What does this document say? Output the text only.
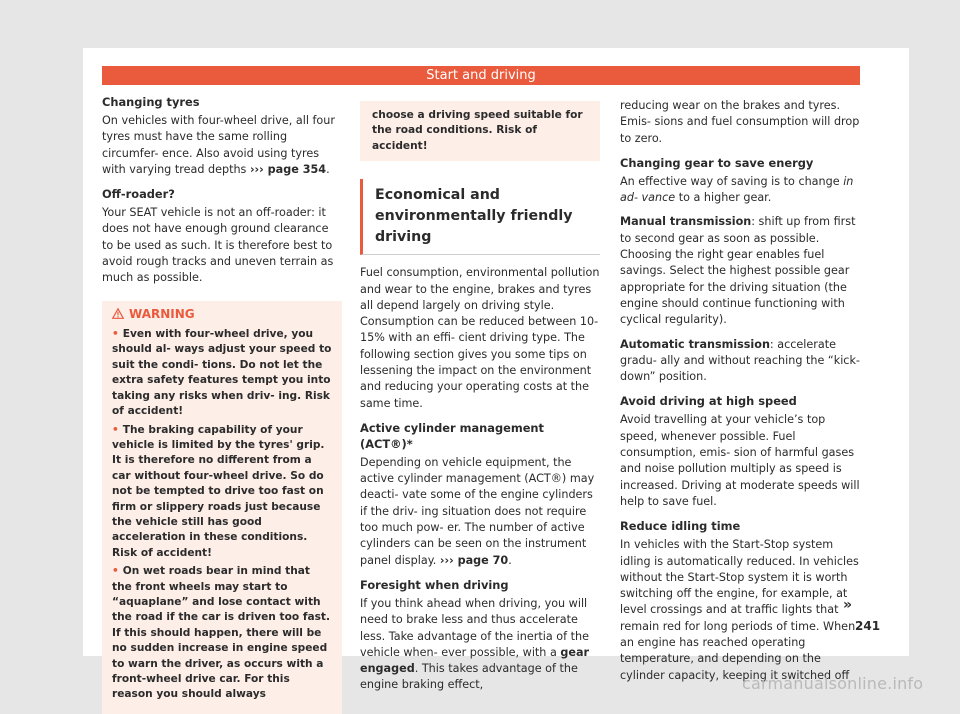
Start and driving
Changing tyres

On vehicles with four-wheel drive, all four tyres must have the same rolling circumfer- ence. Also avoid using tyres with varying tread depths ››› page 354.

Off-roader?

Your SEAT vehicle is not an off-roader: it does not have enough ground clearance to be used as such. It is therefore best to avoid rough tracks and uneven terrain as much as possible.

WARNING
• Even with four-wheel drive, you should al- ways adjust your speed to suit the condi- tions. Do not let the extra safety features tempt you into taking any risks when driv- ing. Risk of accident!
• The braking capability of your vehicle is limited by the tyres' grip. It is therefore no different from a car without four-wheel drive. So do not be tempted to drive too fast on firm or slippery roads just because the vehicle still has good acceleration in these conditions. Risk of accident!
• On wet roads bear in mind that the front wheels may start to “aquaplane” and lose contact with the road if the car is driven too fast. If this should happen, there will be no sudden increase in engine speed to warn the driver, as occurs with a front-wheel drive car. For this reason you should always
choose a driving speed suitable for the road conditions. Risk of accident!
Economical and environmentally friendly driving

Fuel consumption, environmental pollution and wear to the engine, brakes and tyres all depend largely on driving style. Consumption can be reduced between 10-15% with an effi- cient driving type. The following section gives you some tips on lessening the impact on the environment and reducing your operating costs at the same time.

Active cylinder management (ACT®)*

Depending on vehicle equipment, the active cylinder management (ACT®) may deacti- vate some of the engine cylinders if the driv- ing situation does not require too much pow- er. The number of active cylinders can be seen on the instrument panel display. ››› page 70.

Foresight when driving

If you think ahead when driving, you will need to brake less and thus accelerate less. Take advantage of the inertia of the vehicle when- ever possible, with a gear engaged. This takes advantage of the engine braking effect,

reducing wear on the brakes and tyres. Emis- sions and fuel consumption will drop to zero.

Changing gear to save energy

An effective way of saving is to change in ad- vance to a higher gear.

Manual transmission: shift up from first to second gear as soon as possible. Choosing the right gear enables fuel savings. Select the highest possible gear appropriate for the driving situation (the engine should continue functioning with cyclical regularity).

Automatic transmission: accelerate gradu- ally and without reaching the “kick-down” position.

Avoid driving at high speed

Avoid travelling at your vehicle’s top speed, whenever possible. Fuel consumption, emis- sion of harmful gases and noise pollution multiply as speed is increased. Driving at moderate speeds will help to save fuel.

Reduce idling time

In vehicles with the Start-Stop system idling is automatically reduced. In vehicles without the Start-Stop system it is worth switching off the engine, for example, at level crossings and at traffic lights that remain red for long periods of time. When an engine has reached operating temperature, and depending on the cylinder capacity, keeping it switched off

»
241
carmanualsonline.info
